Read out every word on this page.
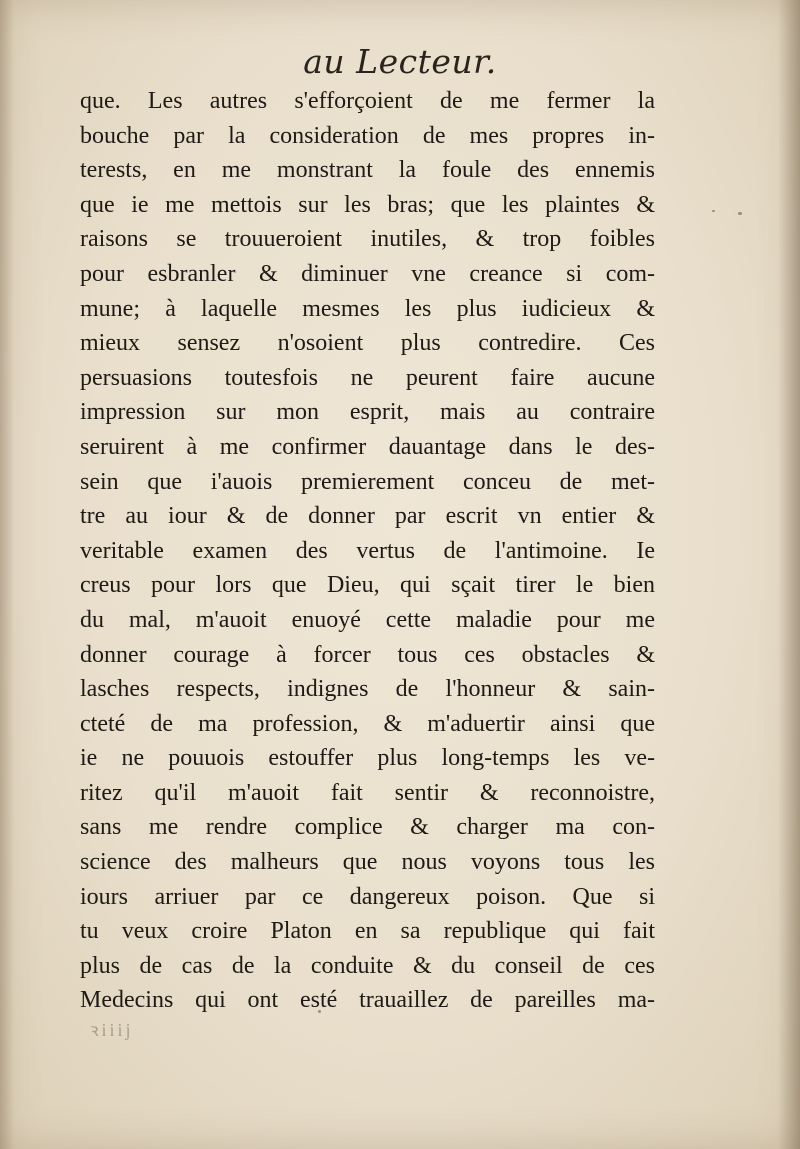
au Lecteur.
que. Les autres s'efforçoient de me fermer la
bouche par la consideration de mes propres in-
terests, en me monstrant la foule des ennemis
que ie me mettois sur les bras; que les plaintes &
raisons se trouueroient inutiles, & trop foibles
pour esbranler & diminuer vne creance si com-
mune; à laquelle mesmes les plus iudicieux &
mieux sensez n'osoient plus contredire. Ces
persuasions toutesfois ne peurent faire aucune
impression sur mon esprit, mais au contraire
seruirent à me confirmer dauantage dans le des-
sein que i'auois premierement conceu de met-
tre au iour & de donner par escrit vn entier &
veritable examen des vertus de l'antimoine. Ie
creus pour lors que Dieu, qui sçait tirer le bien
du mal, m'auoit enuoyé cette maladie pour me
donner courage à forcer tous ces obstacles &
lasches respects, indignes de l'honneur & sain-
cteté de ma profession, & m'aduertir ainsi que
ie ne pouuois estouffer plus long-temps les ve-
ritez qu'il m'auoit fait sentir & reconnoistre,
sans me rendre complice & charger ma con-
science des malheurs que nous voyons tous les
iours arriuer par ce dangereux poison. Que si
tu veux croire Platon en sa republique qui fait
plus de cas de la conduite & du conseil de ces
Medecins qui ont esté trauaillez de pareilles ma-
ꝛiiij
